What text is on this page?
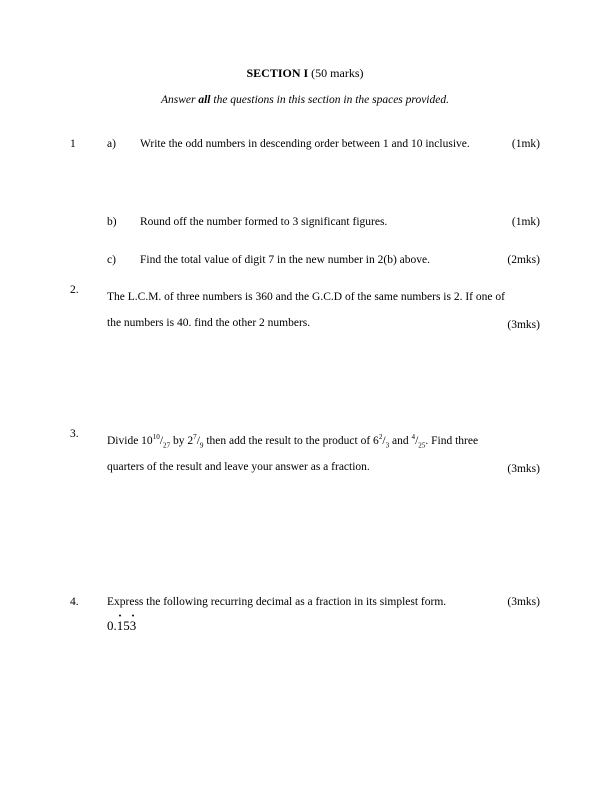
SECTION I (50 marks)
Answer all the questions in this section in the spaces provided.
1	a)	Write the odd numbers in descending order between 1 and 10 inclusive.	(1mk)
b)	Round off the number formed to 3 significant figures.	(1mk)
c)	Find the total value of digit 7 in the new number in 2(b) above.	(2mks)
2.
The L.C.M. of three numbers is 360 and the G.C.D of the same numbers is 2. If one of
the numbers is 40. find the other 2 numbers.	(3mks)
3.
Divide $10^{10}/_{27}$ by $2^7/_9$ then add the result to the product of $6^2/_3$ and $^4/_{25}$. Find three
quarters of the result and leave your answer as a fraction.	(3mks)
4.	Express the following recurring decimal as a fraction in its simplest form.	(3mks)
0.1 •53 •
